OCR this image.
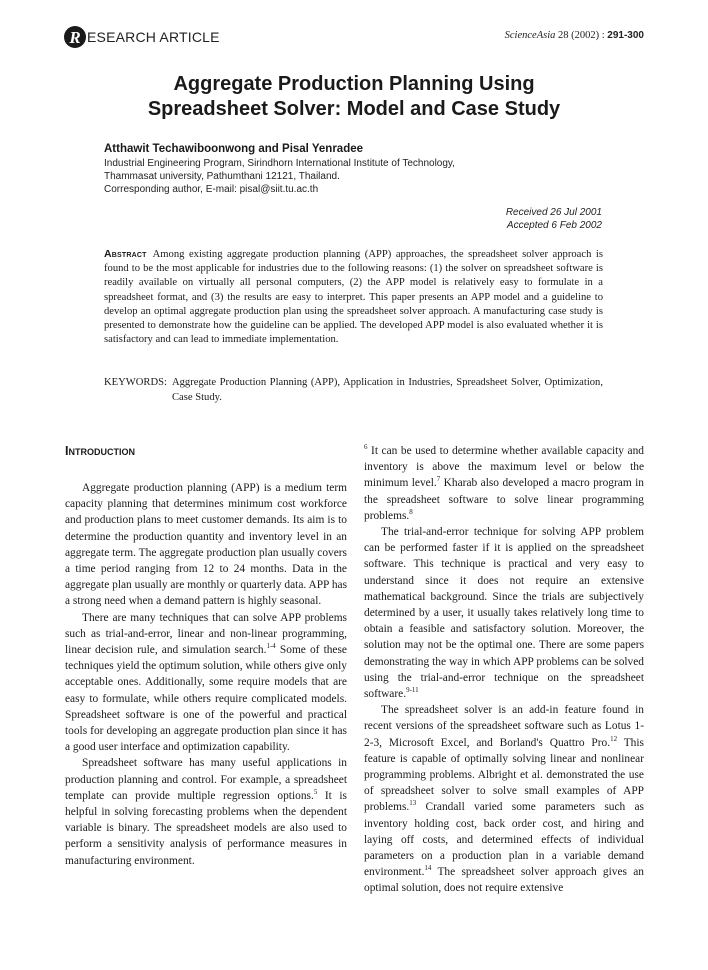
R ESEARCH ARTICLE	ScienceAsia 28 (2002) : 291-300
Aggregate Production Planning Using
Spreadsheet Solver: Model and Case Study
Atthawit Techawiboonwong and Pisal Yenradee
Industrial Engineering Program, Sirindhorn International Institute of Technology,
Thammasat university, Pathumthani 12121, Thailand.
Corresponding author, E-mail: pisal@siit.tu.ac.th
Received 26 Jul 2001
Accepted 6 Feb 2002
Abstract Among existing aggregate production planning (APP) approaches, the spreadsheet solver approach is found to be the most applicable for industries due to the following reasons: (1) the solver on spreadsheet software is readily available on virtually all personal computers, (2) the APP model is relatively easy to formulate in a spreadsheet format, and (3) the results are easy to interpret. This paper presents an APP model and a guideline to develop an optimal aggregate production plan using the spreadsheet solver approach. A manufacturing case study is presented to demonstrate how the guideline can be applied. The developed APP model is also evaluated whether it is satisfactory and can lead to immediate implementation.
KEYWORDS: Aggregate Production Planning (APP), Application in Industries, Spreadsheet Solver, Optimization, Case Study.
Introduction

Aggregate production planning (APP) is a medium term capacity planning that determines minimum cost workforce and production plans to meet customer demands. Its aim is to determine the production quantity and inventory level in an aggregate term. The aggregate production plan usually covers a time period ranging from 12 to 24 months. Data in the aggregate plan usually are monthly or quarterly data. APP has a strong need when a demand pattern is highly seasonal.

There are many techniques that can solve APP problems such as trial-and-error, linear and non-linear programming, linear decision rule, and simulation search.$^{1-4}$ Some of these techniques yield the optimum solution, while others give only acceptable ones. Additionally, some require models that are easy to formulate, while others require complicated models. Spreadsheet software is one of the powerful and practical tools for developing an aggregate production plan since it has a good user interface and optimization capability.

Spreadsheet software has many useful applications in production planning and control. For example, a spreadsheet template can provide multiple regression options.$^5$ It is helpful in solving forecasting problems when the dependent variable is binary. The spreadsheet models are also used to perform a sensitivity analysis of performance measures in manufacturing environment.

$^6$ It can be used to determine whether available capacity and inventory is above the maximum level or below the minimum level.$^7$ Kharab also developed a macro program in the spreadsheet software to solve linear programming problems.$^8$

The trial-and-error technique for solving APP problem can be performed faster if it is applied on the spreadsheet software. This technique is practical and very easy to understand since it does not require an extensive mathematical background. Since the trials are subjectively determined by a user, it usually takes relatively long time to obtain a feasible and satisfactory solution. Moreover, the solution may not be the optimal one. There are some papers demonstrating the way in which APP problems can be solved using the trial-and-error technique on the spreadsheet software.$^{9-11}$

The spreadsheet solver is an add-in feature found in recent versions of the spreadsheet software such as Lotus 1-2-3, Microsoft Excel, and Borland's Quattro Pro.$^{12}$ This feature is capable of optimally solving linear and nonlinear programming problems. Albright et al. demonstrated the use of spreadsheet solver to solve small examples of APP problems.$^{13}$ Crandall varied some parameters such as inventory holding cost, back order cost, and hiring and laying off costs, and determined effects of individual parameters on a production plan in a variable demand environment.$^{14}$ The spreadsheet solver approach gives an optimal solution, does not require extensive
